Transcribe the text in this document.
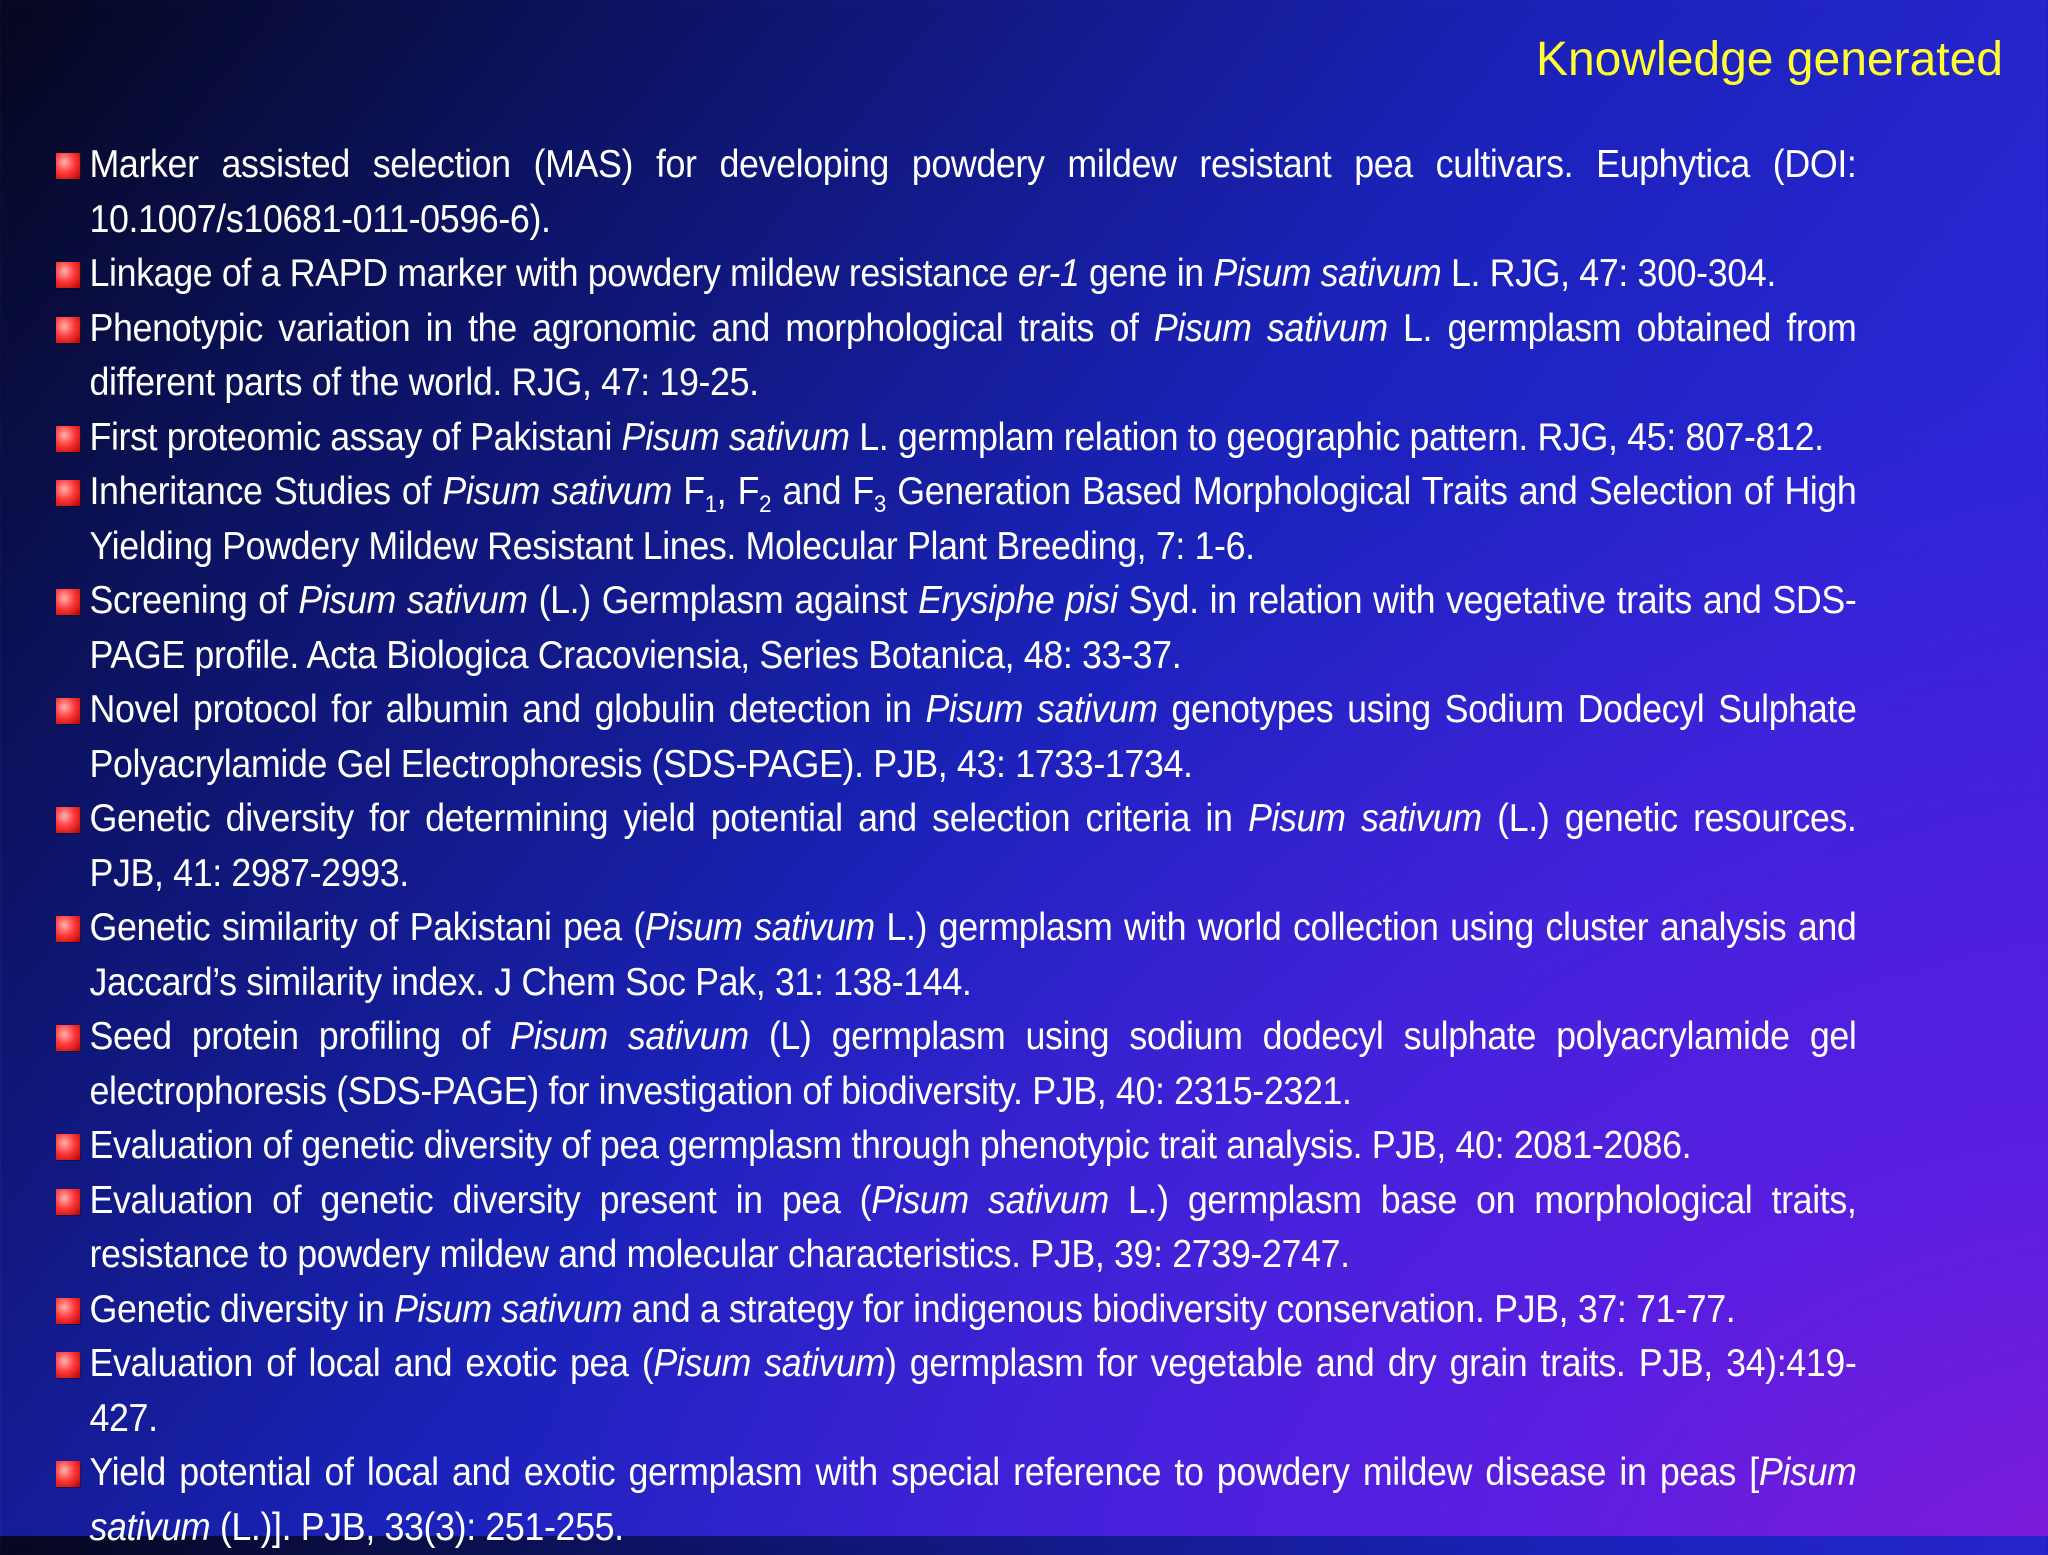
Knowledge generated
Marker assisted selection (MAS) for developing powdery mildew resistant pea cultivars. Euphytica (DOI: 10.1007/s10681-011-0596-6).
Linkage of a RAPD marker with powdery mildew resistance er-1 gene in Pisum sativum L. RJG, 47: 300-304.
Phenotypic variation in the agronomic and morphological traits of Pisum sativum L. germplasm obtained from different parts of the world. RJG, 47: 19-25.
First proteomic assay of Pakistani Pisum sativum L. germplam relation to geographic pattern. RJG, 45: 807-812.
Inheritance Studies of Pisum sativum $F_1$, $F_2$ and $F_3$ Generation Based Morphological Traits and Selection of High Yielding Powdery Mildew Resistant Lines. Molecular Plant Breeding, 7: 1-6.
Screening of Pisum sativum (L.) Germplasm against Erysiphe pisi Syd. in relation with vegetative traits and SDS-PAGE profile. Acta Biologica Cracoviensia, Series Botanica, 48: 33-37.
Novel protocol for albumin and globulin detection in Pisum sativum genotypes using Sodium Dodecyl Sulphate Polyacrylamide Gel Electrophoresis (SDS-PAGE). PJB, 43: 1733-1734.
Genetic diversity for determining yield potential and selection criteria in Pisum sativum (L.) genetic resources. PJB, 41: 2987-2993.
Genetic similarity of Pakistani pea (Pisum sativum L.) germplasm with world collection using cluster analysis and Jaccard’s similarity index. J Chem Soc Pak, 31: 138-144.
Seed protein profiling of Pisum sativum (L) germplasm using sodium dodecyl sulphate polyacrylamide gel electrophoresis (SDS-PAGE) for investigation of biodiversity. PJB, 40: 2315-2321.
Evaluation of genetic diversity of pea germplasm through phenotypic trait analysis. PJB, 40: 2081-2086.
Evaluation of genetic diversity present in pea (Pisum sativum L.) germplasm base on morphological traits, resistance to powdery mildew and molecular characteristics. PJB, 39: 2739-2747.
Genetic diversity in Pisum sativum and a strategy for indigenous biodiversity conservation. PJB, 37: 71-77.
Evaluation of local and exotic pea (Pisum sativum) germplasm for vegetable and dry grain traits. PJB, 34):419-427.
Yield potential of local and exotic germplasm with special reference to powdery mildew disease in peas [Pisum sativum (L.)]. PJB, 33(3): 251-255.
